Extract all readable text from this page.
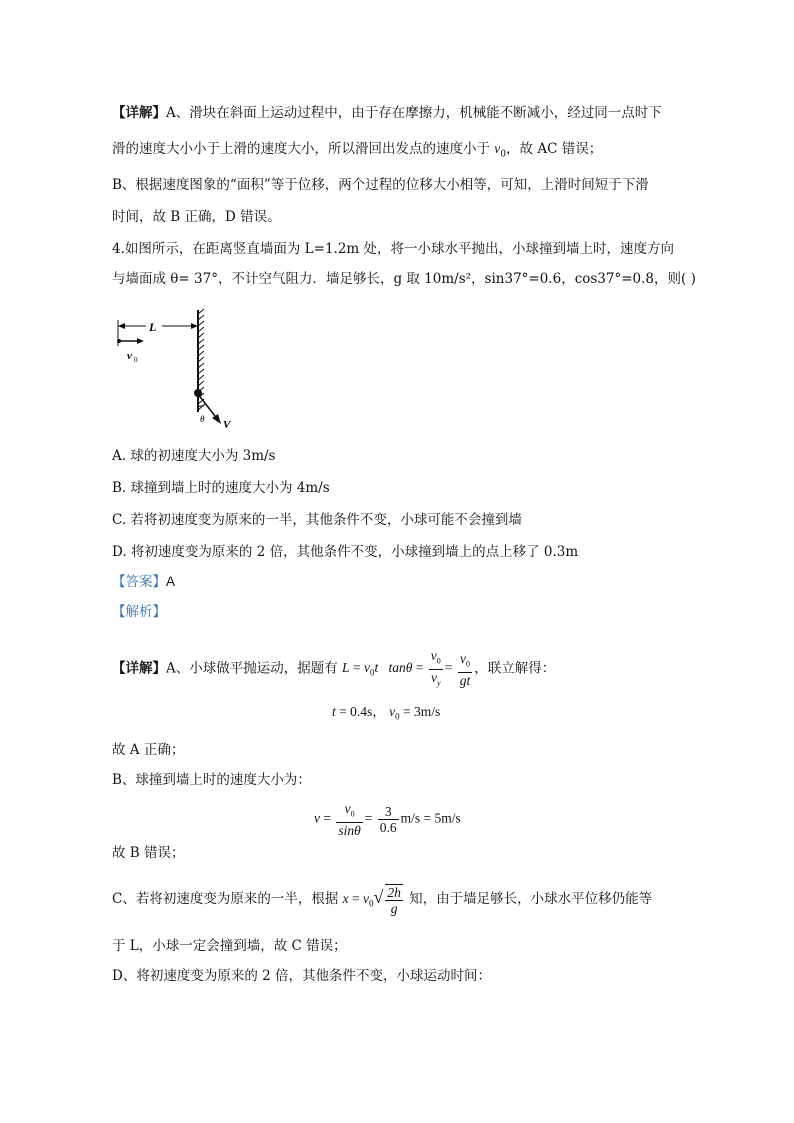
【详解】A、滑块在斜面上运动过程中，由于存在摩擦力，机械能不断减小，经过同一点时下
滑的速度大小小于上滑的速度大小，所以滑回出发点的速度小于 $v_0$，故 AC 错误；
B、根据速度图象的“面积”等于位移，两个过程的位移大小相等，可知，上滑时间短于下滑
时间，故 B 正确，D 错误。
4.如图所示，在距离竖直墙面为 L=1.2m 处，将一小球水平抛出，小球撞到墙上时，速度方向
与墙面成 θ= 37°，不计空气阻力．墙足够长，g 取 10m/s²，sin37°=0.6，cos37°=0.8，则( )
L
v 0
V
θ
A. 球的初速度大小为 3m/s
B. 球撞到墙上时的速度大小为 4m/s
C. 若将初速度变为原来的一半，其他条件不变，小球可能不会撞到墙
D. 将初速度变为原来的 2 倍，其他条件不变，小球撞到墙上的点上移了 0.3m
【答案】A
【解析】
【详解】A、小球做平抛运动，据题有 $L = v_0t$ $\tan\theta = \frac{v_0}{v_y} = \frac{v_0}{gt}$ ，联立解得：
t = 0.4s， $v_0 = 3m/s$
故 A 正确；
B、球撞到墙上时的速度大小为：
$v = \frac{v_0}{\sin\theta} = \frac{3}{0.6} m/s = 5m/s$
故 B 错误；
C、若将初速度变为原来的一半，根据 $x = v_0√ \frac{2h}{g}$ 知，由于墙足够长，小球水平位移仍能等
于 L，小球一定会撞到墙，故 C 错误；
D、将初速度变为原来的 2 倍，其他条件不变，小球运动时间：
